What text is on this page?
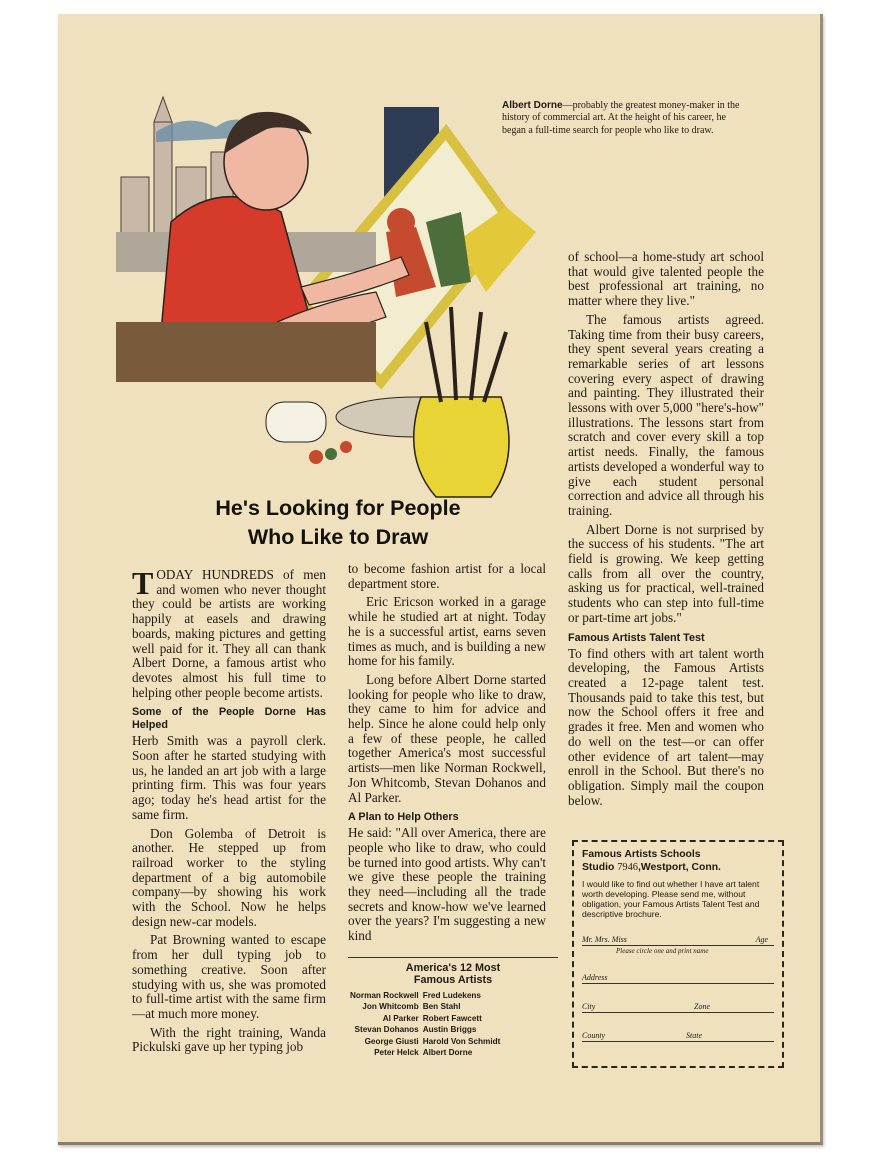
Albert Dorne—probably the greatest money-maker in the history of commercial art. At the height of his career, he began a full-time search for people who like to draw.
He's Looking for People
Who Like to Draw

TODAY HUNDREDS of men and women who never thought they could be artists are working happily at easels and drawing boards, making pictures and getting well paid for it. They all can thank Albert Dorne, a famous artist who devotes almost his full time to helping other people become artists.

Some of the People Dorne Has Helped

Herb Smith was a payroll clerk. Soon after he started studying with us, he landed an art job with a large printing firm. This was four years ago; today he's head artist for the same firm.

Don Golemba of Detroit is another. He stepped up from railroad worker to the styling department of a big automobile company—by showing his work with the School. Now he helps design new-car models.

Pat Browning wanted to escape from her dull typing job to something creative. Soon after studying with us, she was promoted to full-time artist with the same firm—at much more money.

With the right training, Wanda Pickulski gave up her typing job

to become fashion artist for a local department store.

Eric Ericson worked in a garage while he studied art at night. Today he is a successful artist, earns seven times as much, and is building a new home for his family.

Long before Albert Dorne started looking for people who like to draw, they came to him for advice and help. Since he alone could help only a few of these people, he called together America's most successful artists—men like Norman Rockwell, Jon Whitcomb, Stevan Dohanos and Al Parker.

A Plan to Help Others

He said: "All over America, there are people who like to draw, who could be turned into good artists. Why can't we give these people the training they need—including all the trade secrets and know-how we've learned over the years? I'm suggesting a new kind

of school—a home-study art school that would give talented people the best professional art training, no matter where they live."

The famous artists agreed. Taking time from their busy careers, they spent several years creating a remarkable series of art lessons covering every aspect of drawing and painting. They illustrated their lessons with over 5,000 "here's-how" illustrations. The lessons start from scratch and cover every skill a top artist needs. Finally, the famous artists developed a wonderful way to give each student personal correction and advice all through his training.

Albert Dorne is not surprised by the success of his students. "The art field is growing. We keep getting calls from all over the country, asking us for practical, well-trained students who can step into full-time or part-time art jobs."

Famous Artists Talent Test

To find others with art talent worth developing, the Famous Artists created a 12-page talent test. Thousands paid to take this test, but now the School offers it free and grades it free. Men and women who do well on the test—or can offer other evidence of art talent—may enroll in the School. But there's no obligation. Simply mail the coupon below.

America's 12 Most
Famous Artists
Norman Rockwell	Fred Ludekens
Jon Whitcomb	Ben Stahl
Al Parker	Robert Fawcett
Stevan Dohanos	Austin Briggs
George Giusti	Harold Von Schmidt
Peter Helck	Albert Dorne
Famous Artists Schools
Studio 7946,Westport, Conn.
I would like to find out whether I have art talent worth developing. Please send me, without obligation, your Famous Artists Talent Test and descriptive brochure.
Mr. Mrs. Miss	Age
Please circle one and print name
Address
City	Zone
County	State
